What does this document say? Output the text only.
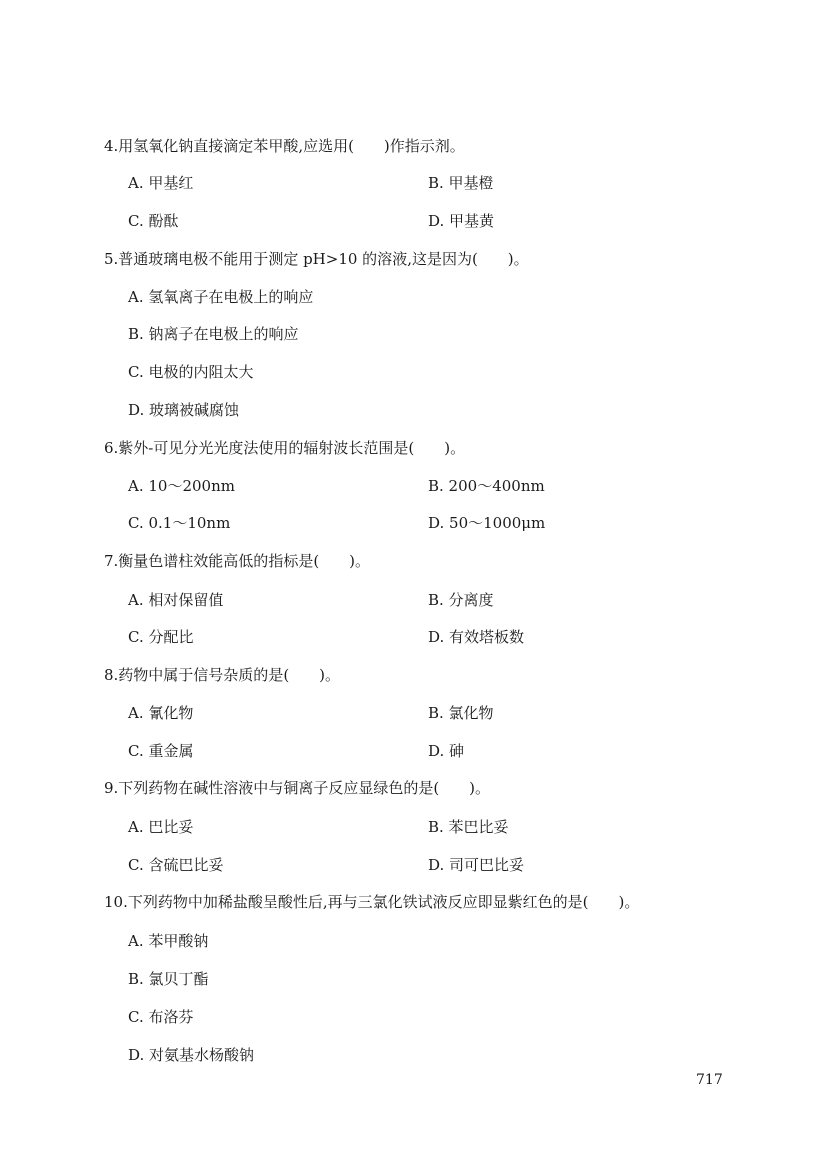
4.用氢氧化钠直接滴定苯甲酸,应选用(　　)作指示剂。
A. 甲基红	B. 甲基橙
C. 酚酞	D. 甲基黄
5.普通玻璃电极不能用于测定 pH>10 的溶液,这是因为(　　)。
A. 氢氧离子在电极上的响应
B. 钠离子在电极上的响应
C. 电极的内阻太大
D. 玻璃被碱腐蚀
6.紫外-可见分光光度法使用的辐射波长范围是(　　)。
A. 10～200nm	B. 200～400nm
C. 0.1～10nm	D. 50～1000μm
7.衡量色谱柱效能高低的指标是(　　)。
A. 相对保留值	B. 分离度
C. 分配比	D. 有效塔板数
8.药物中属于信号杂质的是(　　)。
A. 氰化物	B. 氯化物
C. 重金属	D. 砷
9.下列药物在碱性溶液中与铜离子反应显绿色的是(　　)。
A. 巴比妥	B. 苯巴比妥
C. 含硫巴比妥	D. 司可巴比妥
10.下列药物中加稀盐酸呈酸性后,再与三氯化铁试液反应即显紫红色的是(　　)。
A. 苯甲酸钠
B. 氯贝丁酯
C. 布洛芬
D. 对氨基水杨酸钠
717
